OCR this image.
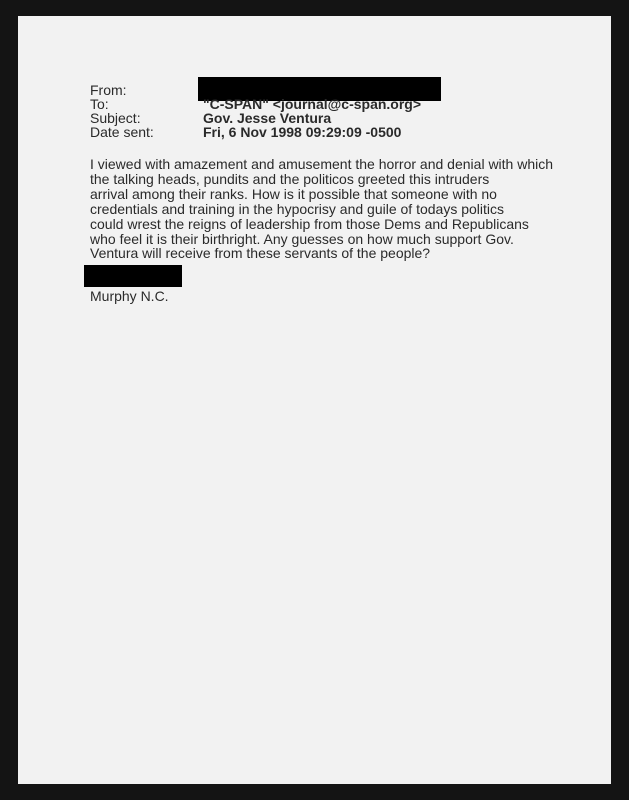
From:
To:	"C-SPAN" <journal@c-span.org>
Subject:	Gov. Jesse Ventura
Date sent:	Fri, 6 Nov 1998 09:29:09 -0500
I viewed with amazement and amusement the horror and denial with which
the talking heads, pundits and the politicos greeted this intruders
arrival among their ranks. How is it possible that someone with no
credentials and training in the hypocrisy and guile of todays politics
could wrest the reigns of leadership from those Dems and Republicans
who feel it is their birthright. Any guesses on how much support Gov.
Ventura will receive from these servants of the people?
Murphy N.C.
